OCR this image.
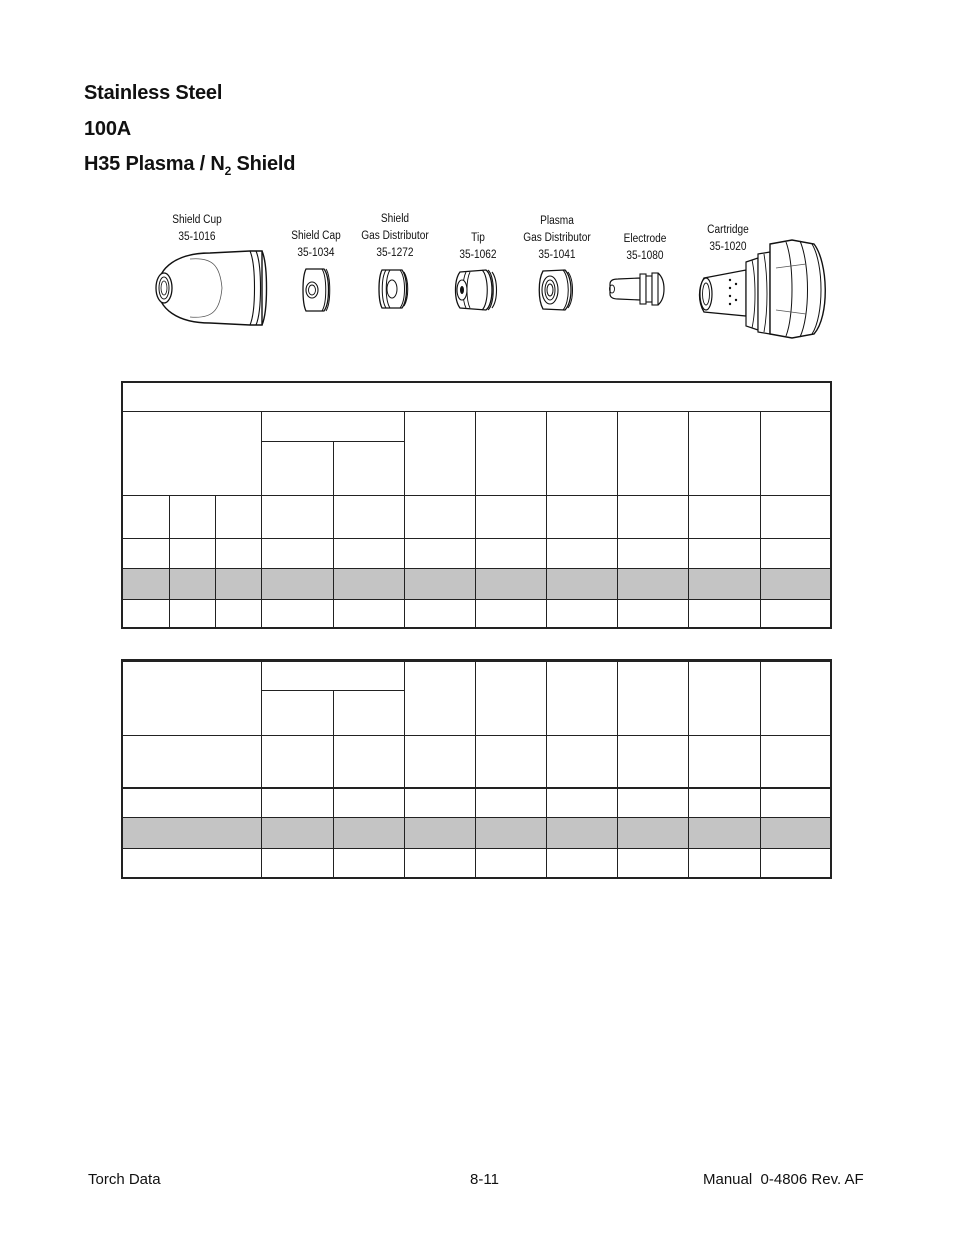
Stainless Steel
100A
H35 Plasma / $N_2$ Shield
Shield Cup
35-1016	Shield Cap
35-1034
Shield
Gas Distributor
35-1272
Tip
35-1062
Plasma
Gas Distributor
35-1041
Electrode
35-1080
Cartridge
35-1020

Torch Data	8-11	Manual  0-4806 Rev. AF
